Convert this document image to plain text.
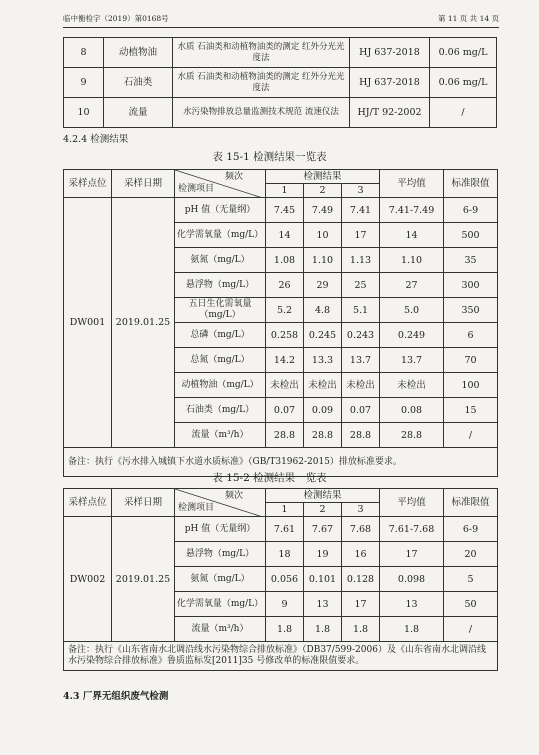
临中衡检字（2019）第0168号	第 11 页 共 14 页
8	动植物油	水质 石油类和动植物油类的测定 红外分光光度法	HJ 637-2018	0.06 mg/L
9	石油类	水质 石油类和动植物油类的测定 红外分光光度法	HJ 637-2018	0.06 mg/L
10	流量	水污染物排放总量监测技术规范 流速仪法	HJ/T 92-2002	/
4.2.4 检测结果
表 15-1 检测结果一览表
采样点位	采样日期	频次
检测项目	检测结果			平均值	标准限值
			1	2	3		
DW001	2019.01.25	pH 值（无量纲）	7.45	7.49	7.41	7.41-7.49	6-9
		化学需氧量（mg/L）	14	10	17	14	500
		氨氮（mg/L）	1.08	1.10	1.13	1.10	35
		悬浮物（mg/L）	26	29	25	27	300
		五日生化需氧量（mg/L）	5.2	4.8	5.1	5.0	350
		总磷（mg/L）	0.258	0.245	0.243	0.249	6
		总氮（mg/L）	14.2	13.3	13.7	13.7	70
		动植物油（mg/L）	未检出	未检出	未检出	未检出	100
		石油类（mg/L）	0.07	0.09	0.07	0.08	15
		流量（m³/h）	28.8	28.8	28.8	28.8	/
备注：执行《污水排入城镇下水道水质标准》（GB/T31962-2015）排放标准要求。							
表 15-2 检测结果一览表
采样点位	采样日期	频次
检测项目	检测结果			平均值	标准限值
			1	2	3		
DW002	2019.01.25	pH 值（无量纲）	7.61	7.67	7.68	7.61-7.68	6-9
		悬浮物（mg/L）	18	19	16	17	20
		氨氮（mg/L）	0.056	0.101	0.128	0.098	5
		化学需氧量（mg/L）	9	13	17	13	50
		流量（m³/h）	1.8	1.8	1.8	1.8	/
备注：执行《山东省南水北调沿线水污染物综合排放标准》（DB37/599-2006）及《山东省南水北调沿线水污染物综合排放标准》鲁质监标发[2011]35 号修改单的标准限值要求。							
4.3 厂界无组织废气检测
